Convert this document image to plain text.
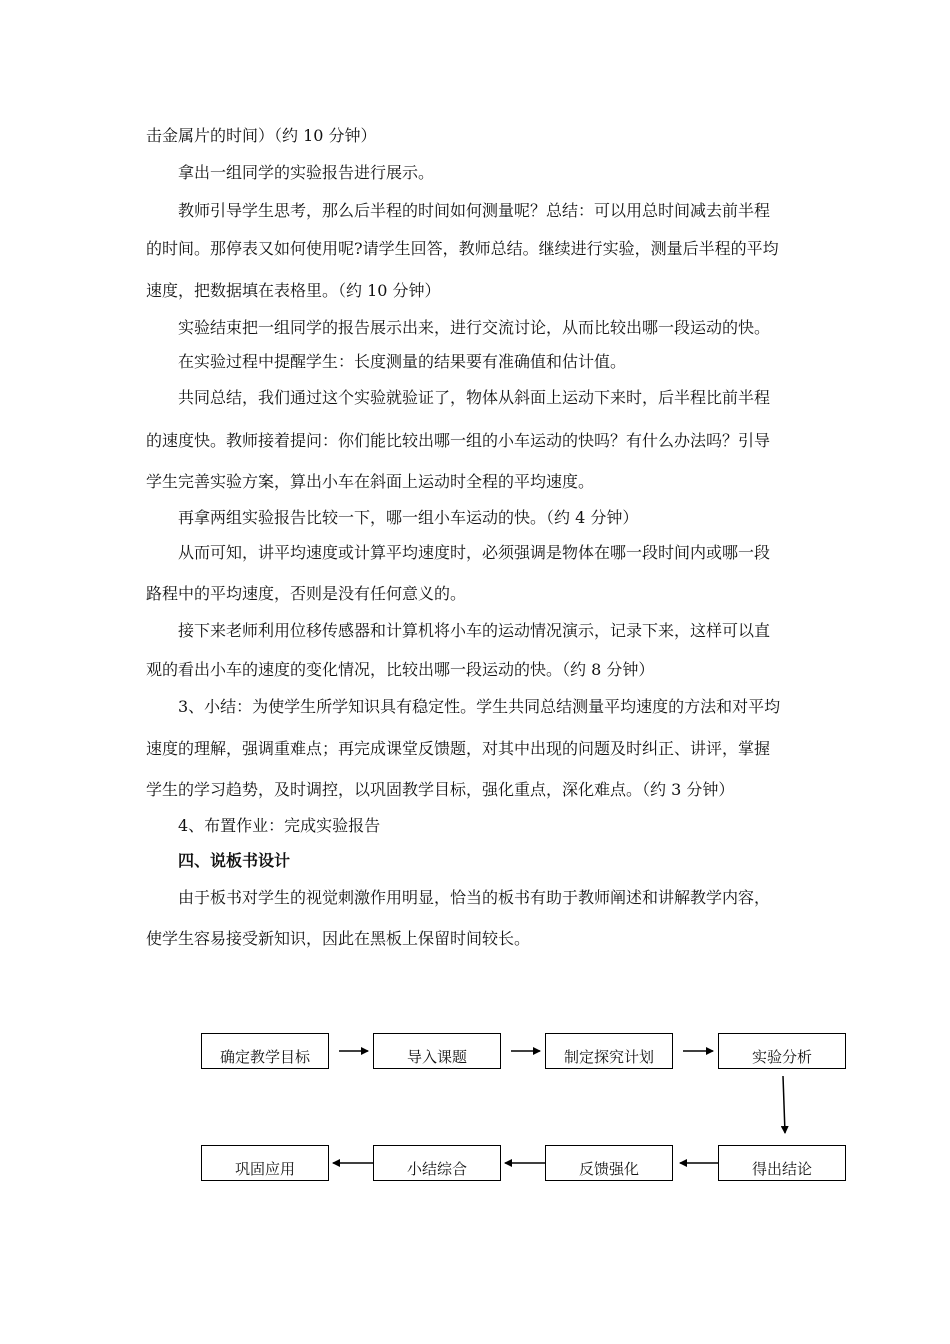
击金属片的时间）（约 10 分钟）
拿出一组同学的实验报告进行展示。
教师引导学生思考，那么后半程的时间如何测量呢？总结：可以用总时间减去前半程
的时间。那停表又如何使用呢?请学生回答，教师总结。继续进行实验，测量后半程的平均
速度，把数据填在表格里。（约 10 分钟）
实验结束把一组同学的报告展示出来，进行交流讨论，从而比较出哪一段运动的快。
在实验过程中提醒学生：长度测量的结果要有准确值和估计值。
共同总结，我们通过这个实验就验证了，物体从斜面上运动下来时，后半程比前半程
的速度快。教师接着提问：你们能比较出哪一组的小车运动的快吗？有什么办法吗？引导
学生完善实验方案，算出小车在斜面上运动时全程的平均速度。
再拿两组实验报告比较一下，哪一组小车运动的快。（约 4 分钟）
从而可知，讲平均速度或计算平均速度时，必须强调是物体在哪一段时间内或哪一段
路程中的平均速度，否则是没有任何意义的。
接下来老师利用位移传感器和计算机将小车的运动情况演示，记录下来，这样可以直
观的看出小车的速度的变化情况，比较出哪一段运动的快。（约 8 分钟）
3、小结：为使学生所学知识具有稳定性。学生共同总结测量平均速度的方法和对平均
速度的理解，强调重难点；再完成课堂反馈题，对其中出现的问题及时纠正、讲评，掌握
学生的学习趋势，及时调控，以巩固教学目标，强化重点，深化难点。（约 3 分钟）
4、布置作业：完成实验报告
四、说板书设计
由于板书对学生的视觉刺激作用明显，恰当的板书有助于教师阐述和讲解教学内容，
使学生容易接受新知识，因此在黑板上保留时间较长。
确定教学目标	导入课题	制定探究计划	实验分析
巩固应用	小结综合	反馈强化	得出结论
